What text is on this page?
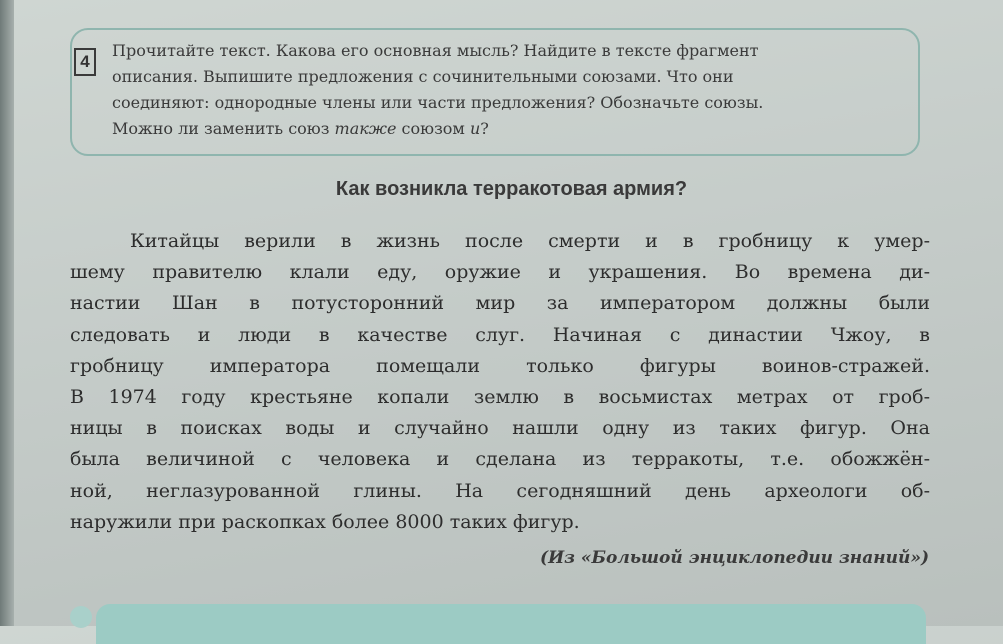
4

Прочитайте текст. Какова его основная мысль? Найдите в тексте фрагмент
описания. Выпишите предложения с сочинительными союзами. Что они
соединяют: однородные члены или части предложения? Обозначьте союзы.
Можно ли заменить союз также союзом и?

Как возникла терракотовая армия?

Китайцы верили в жизнь после смерти и в гробницу к умер-
шему правителю клали еду, оружие и украшения. Во времена ди-
настии Шан в потусторонний мир за императором должны были
следовать и люди в качестве слуг. Начиная с династии Чжоу, в
гробницу императора помещали только фигуры воинов-стражей.
В 1974 году крестьяне копали землю в восьмистах метрах от гроб-
ницы в поисках воды и случайно нашли одну из таких фигур. Она
была величиной с человека и сделана из терракоты, т.е. обожжён-
ной, неглазурованной глины. На сегодняшний день археологи об-
наружили при раскопках более 8000 таких фигур.

(Из «Большой энциклопедии знаний»)
